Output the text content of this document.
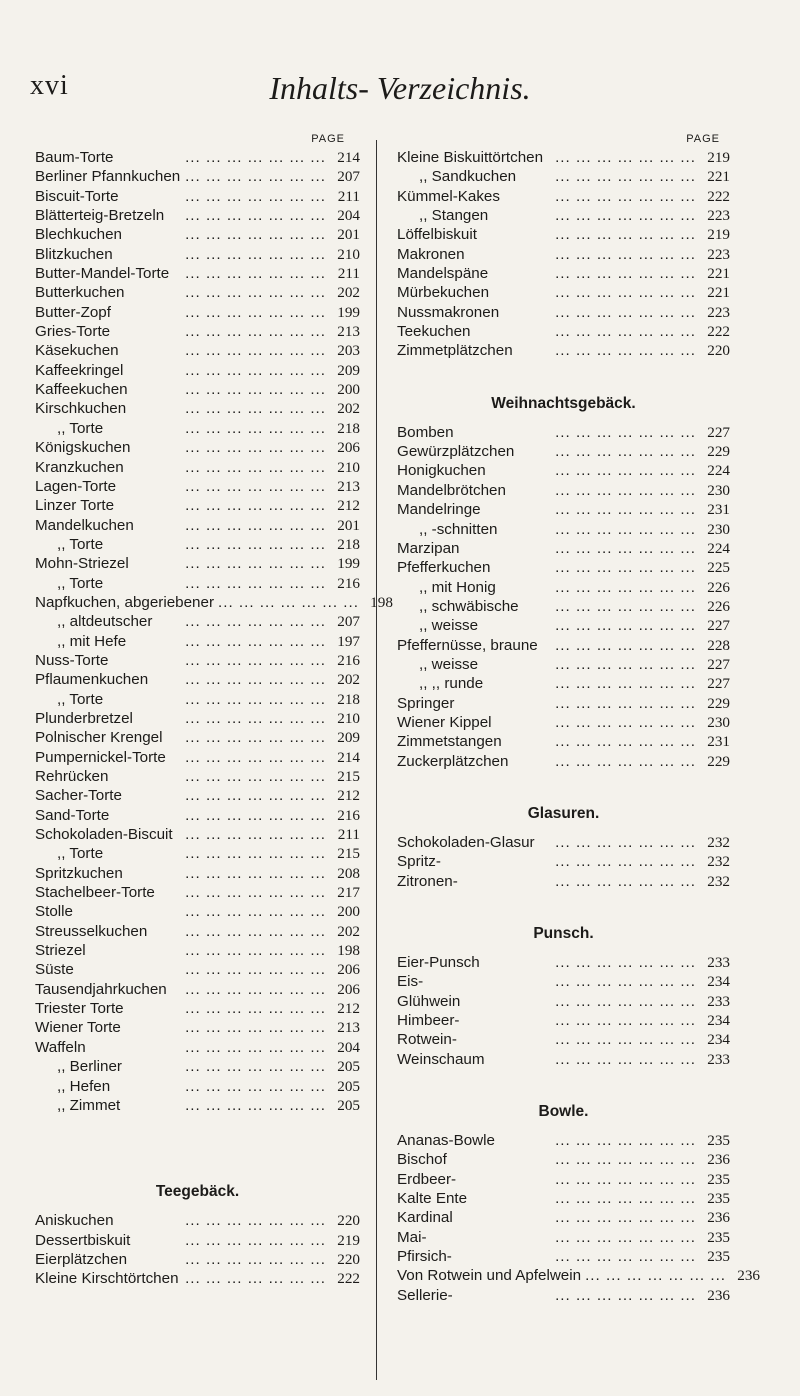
xvi	Inhalts- Verzeichnis.
PAGE
Baum-Torte	... ... ... ... ... ... ... 214
Berliner Pfannkuchen ... ... ... ... ... ... ... 207
Biscuit-Torte	... ... ... ... ... ... ... 211
Blätterteig-Bretzeln	... ... ... ... ... ... ... 204
Blechkuchen	... ... ... ... ... ... ... 201
Blitzkuchen	... ... ... ... ... ... ... 210
Butter-Mandel-Torte	... ... ... ... ... ... ... 211
Butterkuchen	... ... ... ... ... ... ... 202
Butter-Zopf	... ... ... ... ... ... ... 199
Gries-Torte	... ... ... ... ... ... ... 213
Käsekuchen	... ... ... ... ... ... ... 203
Kaffeekringel	... ... ... ... ... ... ... 209
Kaffeekuchen	... ... ... ... ... ... ... 200
Kirschkuchen	... ... ... ... ... ... ... 202
,, Torte	... ... ... ... ... ... ... 218
Königskuchen	... ... ... ... ... ... ... 206
Kranzkuchen	... ... ... ... ... ... ... 210
Lagen-Torte	... ... ... ... ... ... ... 213
Linzer Torte	... ... ... ... ... ... ... 212
Mandelkuchen	... ... ... ... ... ... ... 201
,, Torte	... ... ... ... ... ... ... 218
Mohn-Striezel	... ... ... ... ... ... ... 199
,, Torte	... ... ... ... ... ... ... 216
Napfkuchen, abgeriebener ... ... ... ... ... ... ... 198
,, altdeutscher	... ... ... ... ... ... ... 207
,, mit Hefe	... ... ... ... ... ... ... 197
Nuss-Torte	... ... ... ... ... ... ... 216
Pflaumenkuchen	... ... ... ... ... ... ... 202
,, Torte	... ... ... ... ... ... ... 218
Plunderbretzel	... ... ... ... ... ... ... 210
Polnischer Krengel	... ... ... ... ... ... ... 209
Pumpernickel-Torte	... ... ... ... ... ... ... 214
Rehrücken	... ... ... ... ... ... ... 215
Sacher-Torte	... ... ... ... ... ... ... 212
Sand-Torte	... ... ... ... ... ... ... 216
Schokoladen-Biscuit ... ... ... ... ... ... ... 211
,, Torte	... ... ... ... ... ... ... 215
Spritzkuchen	... ... ... ... ... ... ... 208
Stachelbeer-Torte	... ... ... ... ... ... ... 217
Stolle	... ... ... ... ... ... ... 200
Streusselkuchen	... ... ... ... ... ... ... 202
Striezel	... ... ... ... ... ... ... 198
Süste	... ... ... ... ... ... ... 206
Tausendjahrkuchen	... ... ... ... ... ... ... 206
Triester Torte	... ... ... ... ... ... ... 212
Wiener Torte	... ... ... ... ... ... ... 213
Waffeln	... ... ... ... ... ... ... 204
,, Berliner	... ... ... ... ... ... ... 205
,, Hefen	... ... ... ... ... ... ... 205
,, Zimmet	... ... ... ... ... ... ... 205
Teegebäck.
Aniskuchen	... ... ... ... ... ... ... 220
Dessertbiskuit	... ... ... ... ... ... ... 219
Eierplätzchen	... ... ... ... ... ... ... 220
Kleine Kirschtörtchen ... ... ... ... ... ... ... 222
PAGE
Kleine Biskuittörtchen ... ... ... ... ... ... ... 219
,, Sandkuchen	... ... ... ... ... ... ... 221
Kümmel-Kakes	... ... ... ... ... ... ... 222
,, Stangen	... ... ... ... ... ... ... 223
Löffelbiskuit	... ... ... ... ... ... ... 219
Makronen	... ... ... ... ... ... ... 223
Mandelspäne	... ... ... ... ... ... ... 221
Mürbekuchen	... ... ... ... ... ... ... 221
Nussmakronen	... ... ... ... ... ... ... 223
Teekuchen	... ... ... ... ... ... ... 222
Zimmetplätzchen	... ... ... ... ... ... ... 220
Weihnachtsgebäck.
Bomben	... ... ... ... ... ... ... 227
Gewürzplätzchen	... ... ... ... ... ... ... 229
Honigkuchen	... ... ... ... ... ... ... 224
Mandelbrötchen	... ... ... ... ... ... ... 230
Mandelringe	... ... ... ... ... ... ... 231
,, -schnitten	... ... ... ... ... ... ... 230
Marzipan	... ... ... ... ... ... ... 224
Pfefferkuchen	... ... ... ... ... ... ... 225
,, mit Honig	... ... ... ... ... ... ... 226
,, schwäbische	... ... ... ... ... ... ... 226
,, weisse	... ... ... ... ... ... ... 227
Pfeffernüsse, braune	... ... ... ... ... ... ... 228
,, weisse	... ... ... ... ... ... ... 227
,, ,, runde	... ... ... ... ... ... ... 227
Springer	... ... ... ... ... ... ... 229
Wiener Kippel	... ... ... ... ... ... ... 230
Zimmetstangen	... ... ... ... ... ... ... 231
Zuckerplätzchen	... ... ... ... ... ... ... 229
Glasuren.
Schokoladen-Glasur	... ... ... ... ... ... ... 232
Spritz-	... ... ... ... ... ... ... 232
Zitronen-	... ... ... ... ... ... ... 232
Punsch.
Eier-Punsch	... ... ... ... ... ... ... 233
Eis-	... ... ... ... ... ... ... 234
Glühwein	... ... ... ... ... ... ... 233
Himbeer-	... ... ... ... ... ... ... 234
Rotwein-	... ... ... ... ... ... ... 234
Weinschaum	... ... ... ... ... ... ... 233
Bowle.
Ananas-Bowle	... ... ... ... ... ... ... 235
Bischof	... ... ... ... ... ... ... 236
Erdbeer-	... ... ... ... ... ... ... 235
Kalte Ente	... ... ... ... ... ... ... 235
Kardinal	... ... ... ... ... ... ... 236
Mai-	... ... ... ... ... ... ... 235
Pfirsich-	... ... ... ... ... ... ... 235
Von Rotwein und Apfelwein ... ... ... ... ... ... ... 236
Sellerie-	... ... ... ... ... ... ... 236
